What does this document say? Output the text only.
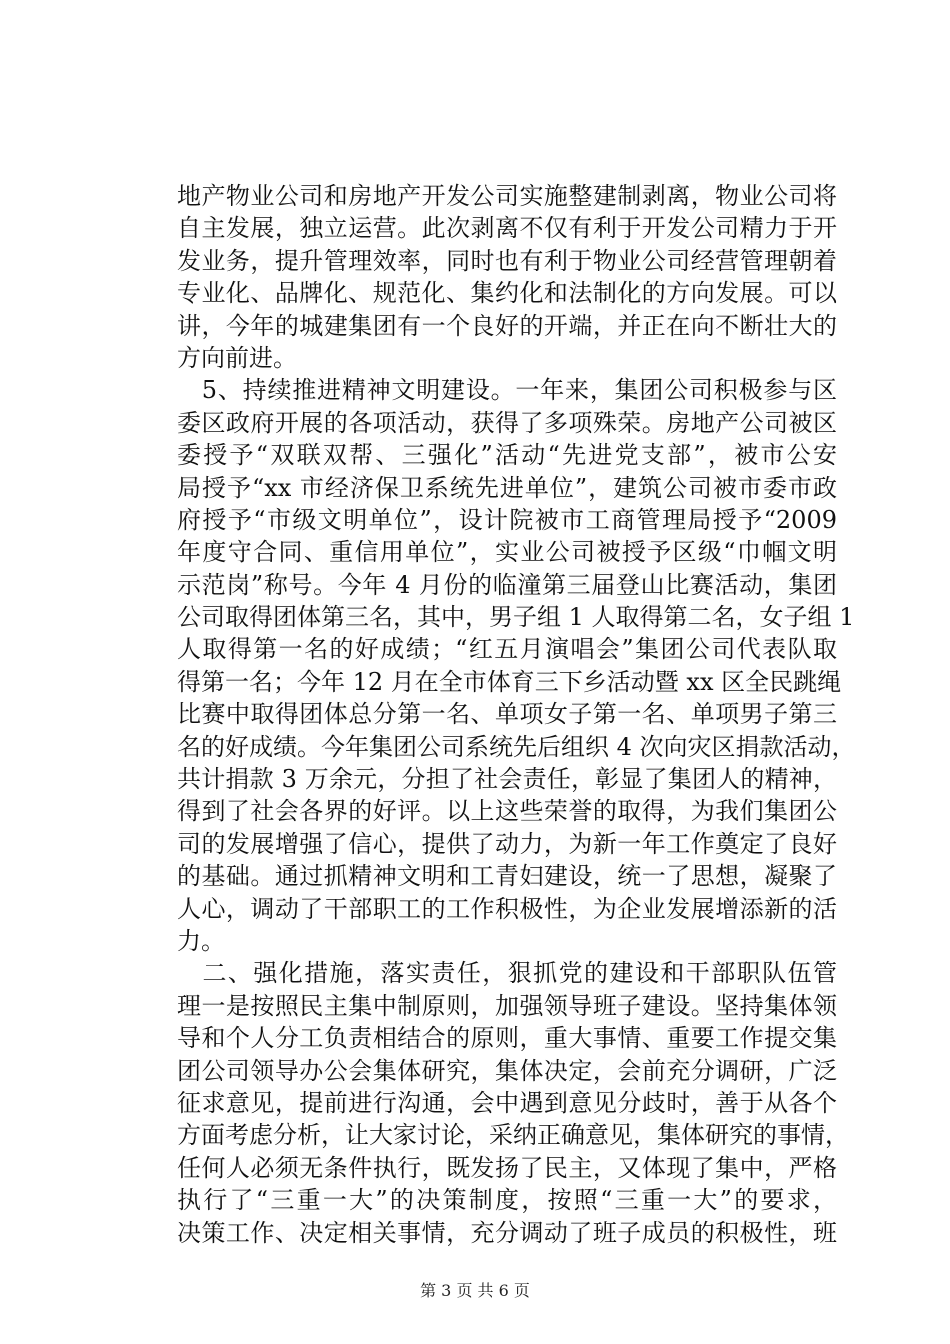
地产物业公司和房地产开发公司实施整建制剥离，物业公司将
自主发展，独立运营。此次剥离不仅有利于开发公司精力于开
发业务，提升管理效率，同时也有利于物业公司经营管理朝着
专业化、品牌化、规范化、集约化和法制化的方向发展。可以
讲，今年的城建集团有一个良好的开端，并正在向不断壮大的
方向前进。
　5、持续推进精神文明建设。一年来，集团公司积极参与区
委区政府开展的各项活动，获得了多项殊荣。房地产公司被区
委授予“双联双帮、三强化”活动“先进党支部”，被市公安
局授予“xx 市经济保卫系统先进单位”，建筑公司被市委市政
府授予“市级文明单位”，设计院被市工商管理局授予“2009
年度守合同、重信用单位”，实业公司被授予区级“巾帼文明
示范岗”称号。今年 4 月份的临潼第三届登山比赛活动，集团
公司取得团体第三名，其中，男子组 1 人取得第二名，女子组 1
人取得第一名的好成绩；“红五月演唱会”集团公司代表队取
得第一名；今年 12 月在全市体育三下乡活动暨 xx 区全民跳绳
比赛中取得团体总分第一名、单项女子第一名、单项男子第三
名的好成绩。今年集团公司系统先后组织 4 次向灾区捐款活动，
共计捐款 3 万余元，分担了社会责任，彰显了集团人的精神，
得到了社会各界的好评。以上这些荣誉的取得，为我们集团公
司的发展增强了信心，提供了动力，为新一年工作奠定了良好
的基础。通过抓精神文明和工青妇建设，统一了思想，凝聚了
人心，调动了干部职工的工作积极性，为企业发展增添新的活
力。
　二、强化措施，落实责任，狠抓党的建设和干部职队伍管
理一是按照民主集中制原则，加强领导班子建设。坚持集体领
导和个人分工负责相结合的原则，重大事情、重要工作提交集
团公司领导办公会集体研究，集体决定，会前充分调研，广泛
征求意见，提前进行沟通，会中遇到意见分歧时，善于从各个
方面考虑分析，让大家讨论，采纳正确意见，集体研究的事情，
任何人必须无条件执行，既发扬了民主，又体现了集中，严格
执行了“三重一大”的决策制度，按照“三重一大”的要求，
决策工作、决定相关事情，充分调动了班子成员的积极性，班
第 3 页 共 6 页
